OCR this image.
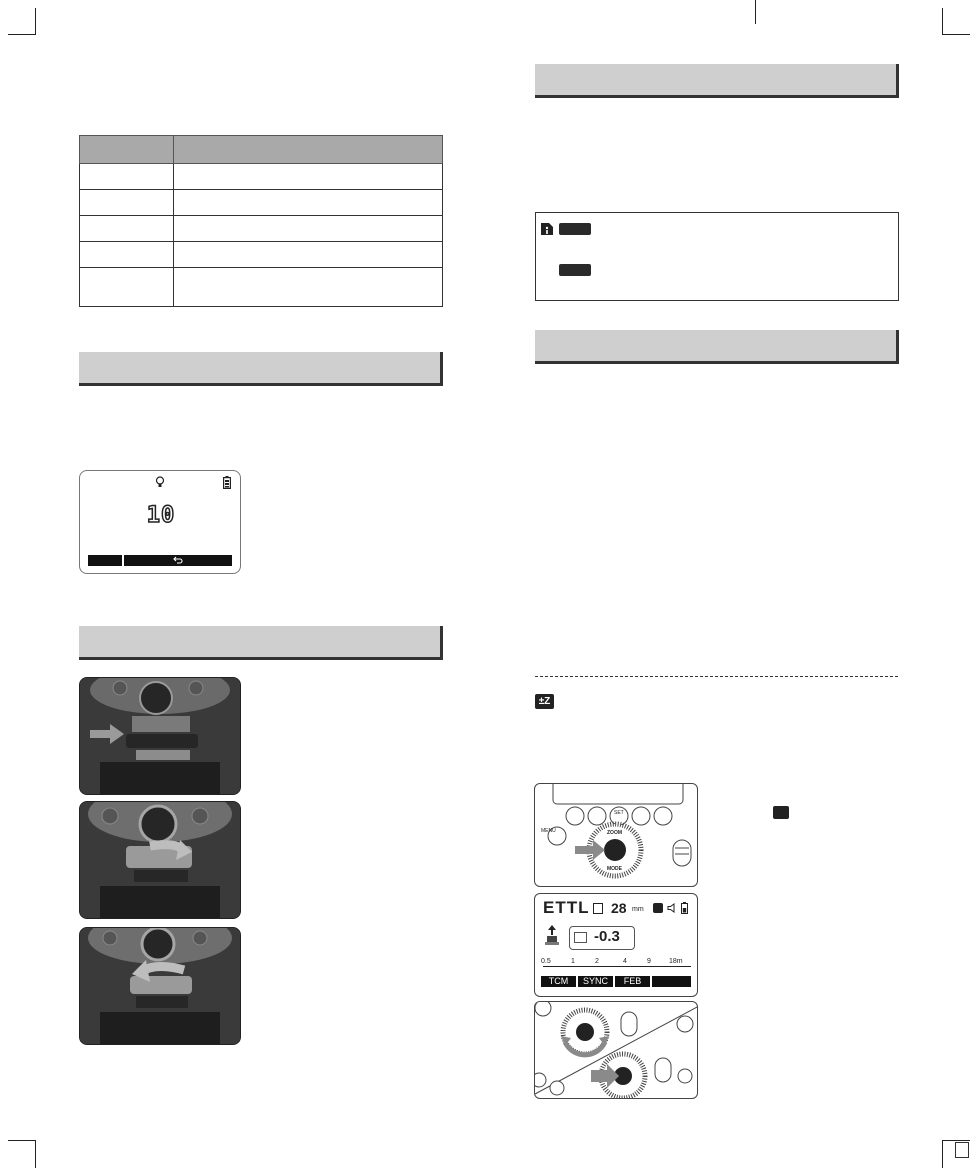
10
±Z
MENU	ZOOM
MODE
SET
ETTL 28 mm
-0.3
0.5	1	2	4	9	18m
TCM	SYNC	FEB
